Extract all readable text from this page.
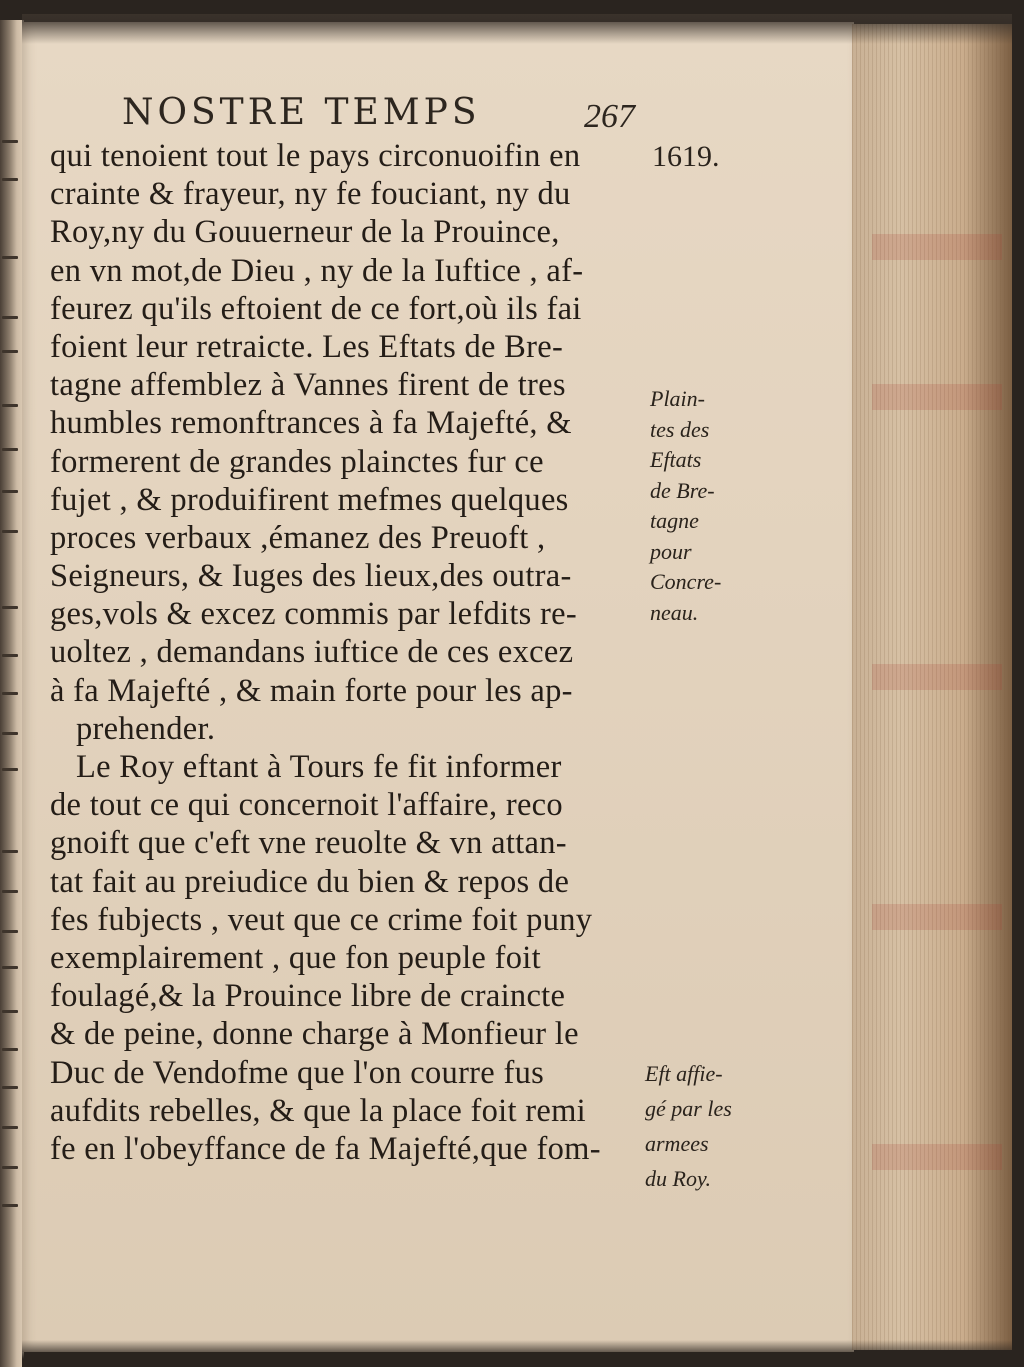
NOSTRE TEMPS	267
1619.
qui tenoient tout le pays circonuoifin en
crainte & frayeur, ny fe fouciant, ny du
Roy,ny du Gouuerneur de la Prouince,
en vn mot,de Dieu , ny de la Iuftice , af-
feurez qu'ils eftoient de ce fort,où ils fai
foient leur retraicte. Les Eftats de Bre-
tagne affemblez à Vannes firent de tres
humbles remonftrances à fa Majefté, &
formerent de grandes plainctes fur ce
fujet , & produifirent mefmes quelques
proces verbaux ,émanez des Preuoft ,
Seigneurs, & Iuges des lieux,des outra-
ges,vols & excez commis par lefdits re-
uoltez , demandans iuftice de ces excez
à fa Majefté , & main forte pour les ap-
prehender.
Le Roy eftant à Tours fe fit informer
de tout ce qui concernoit l'affaire, reco
gnoift que c'eft vne reuolte & vn attan-
tat fait au preiudice du bien & repos de
fes fubjects , veut que ce crime foit puny
exemplairement , que fon peuple foit
foulagé,& la Prouince libre de craincte
& de peine, donne charge à Monfieur le
Duc de Vendofme que l'on courre fus
aufdits rebelles, & que la place foit remi
fe en l'obeyffance de fa Majefté,que fom-
Plain-
tes des
Eftats
de Bre-
tagne
pour
Concre-
neau.
Eft affie-
gé par les
armees
du Roy.
